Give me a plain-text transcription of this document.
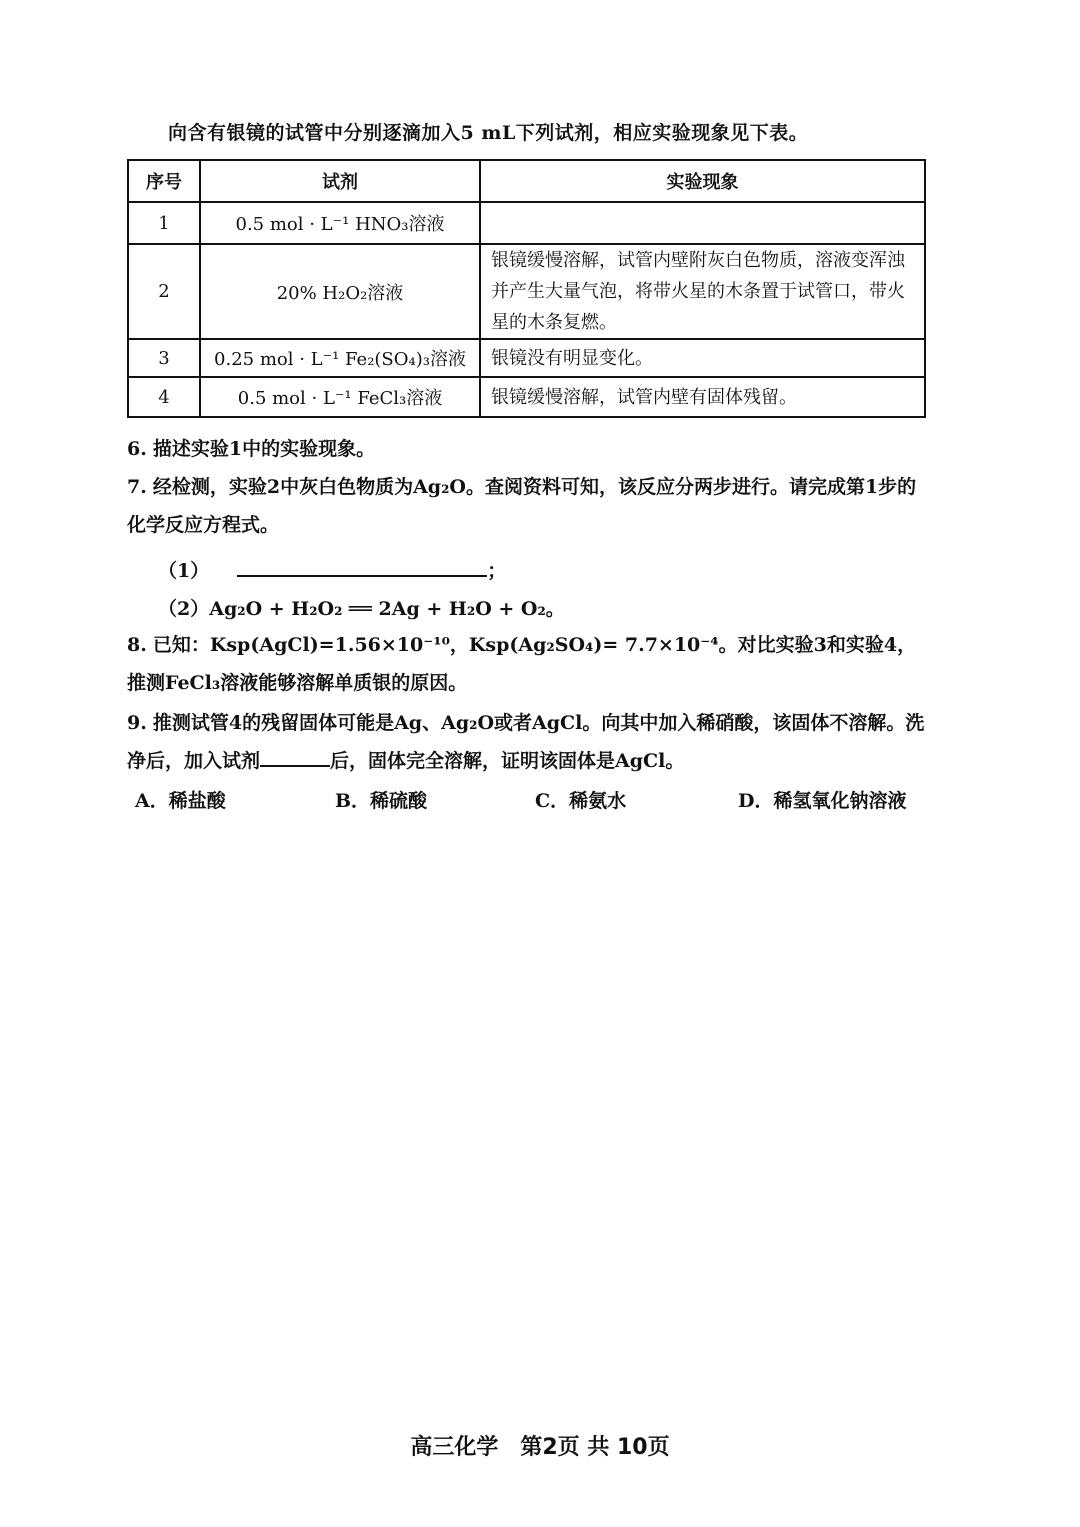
向含有银镜的试管中分别逐滴加入5 mL下列试剂，相应实验现象见下表。
序号	试剂	实验现象
1	0.5 mol · L⁻¹ HNO₃溶液	
2	20% H₂O₂溶液	银镜缓慢溶解，试管内壁附灰白色物质，溶液变浑浊并产生大量气泡，将带火星的木条置于试管口，带火星的木条复燃。
3	0.25 mol · L⁻¹ Fe₂(SO₄)₃溶液	银镜没有明显变化。
4	0.5 mol · L⁻¹ FeCl₃溶液	银镜缓慢溶解，试管内壁有固体残留。
6. 描述实验1中的实验现象。
7. 经检测，实验2中灰白色物质为Ag₂O。查阅资料可知，该反应分两步进行。请完成第1步的化学反应方程式。
（1）	；
（2）Ag₂O + H₂O₂ ══ 2Ag + H₂O + O₂。
8. 已知：Ksp(AgCl)=1.56×10⁻¹⁰，Ksp(Ag₂SO₄)= 7.7×10⁻⁴。对比实验3和实验4，推测FeCl₃溶液能够溶解单质银的原因。
9. 推测试管4的残留固体可能是Ag、Ag₂O或者AgCl。向其中加入稀硝酸，该固体不溶解。洗净后，加入试剂	后，固体完全溶解，证明该固体是AgCl。
A．稀盐酸	B．稀硫酸	C．稀氨水	D．稀氢氧化钠溶液
高三化学　第2页 共 10页
